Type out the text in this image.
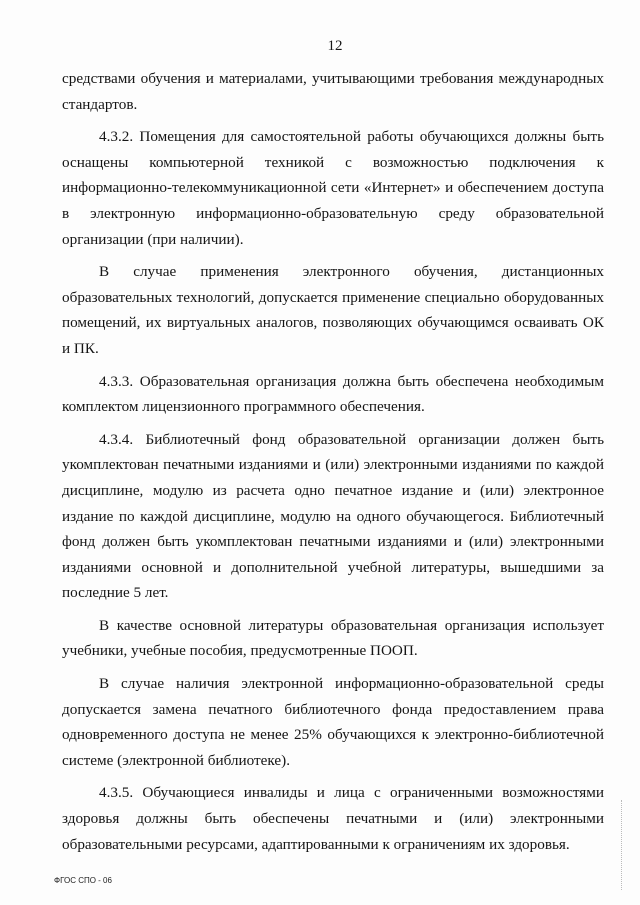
12

средствами обучения и материалами, учитывающими требования международных стандартов.

4.3.2. Помещения для самостоятельной работы обучающихся должны быть оснащены компьютерной техникой с возможностью подключения к информационно-телекоммуникационной сети «Интернет» и обеспечением доступа в электронную информационно-образовательную среду образовательной организации (при наличии).

В случае применения электронного обучения, дистанционных образовательных технологий, допускается применение специально оборудованных помещений, их виртуальных аналогов, позволяющих обучающимся осваивать ОК и ПК.

4.3.3. Образовательная организация должна быть обеспечена необходимым комплектом лицензионного программного обеспечения.

4.3.4. Библиотечный фонд образовательной организации должен быть укомплектован печатными изданиями и (или) электронными изданиями по каждой дисциплине, модулю из расчета одно печатное издание и (или) электронное издание по каждой дисциплине, модулю на одного обучающегося. Библиотечный фонд должен быть укомплектован печатными изданиями и (или) электронными изданиями основной и дополнительной учебной литературы, вышедшими за последние 5 лет.

В качестве основной литературы образовательная организация использует учебники, учебные пособия, предусмотренные ПООП.

В случае наличия электронной информационно-образовательной среды допускается замена печатного библиотечного фонда предоставлением права одновременного доступа не менее 25% обучающихся к электронно-библиотечной системе (электронной библиотеке).

4.3.5. Обучающиеся инвалиды и лица с ограниченными возможностями здоровья должны быть обеспечены печатными и (или) электронными образовательными ресурсами, адаптированными к ограничениям их здоровья.

ФГОС СПО - 06
